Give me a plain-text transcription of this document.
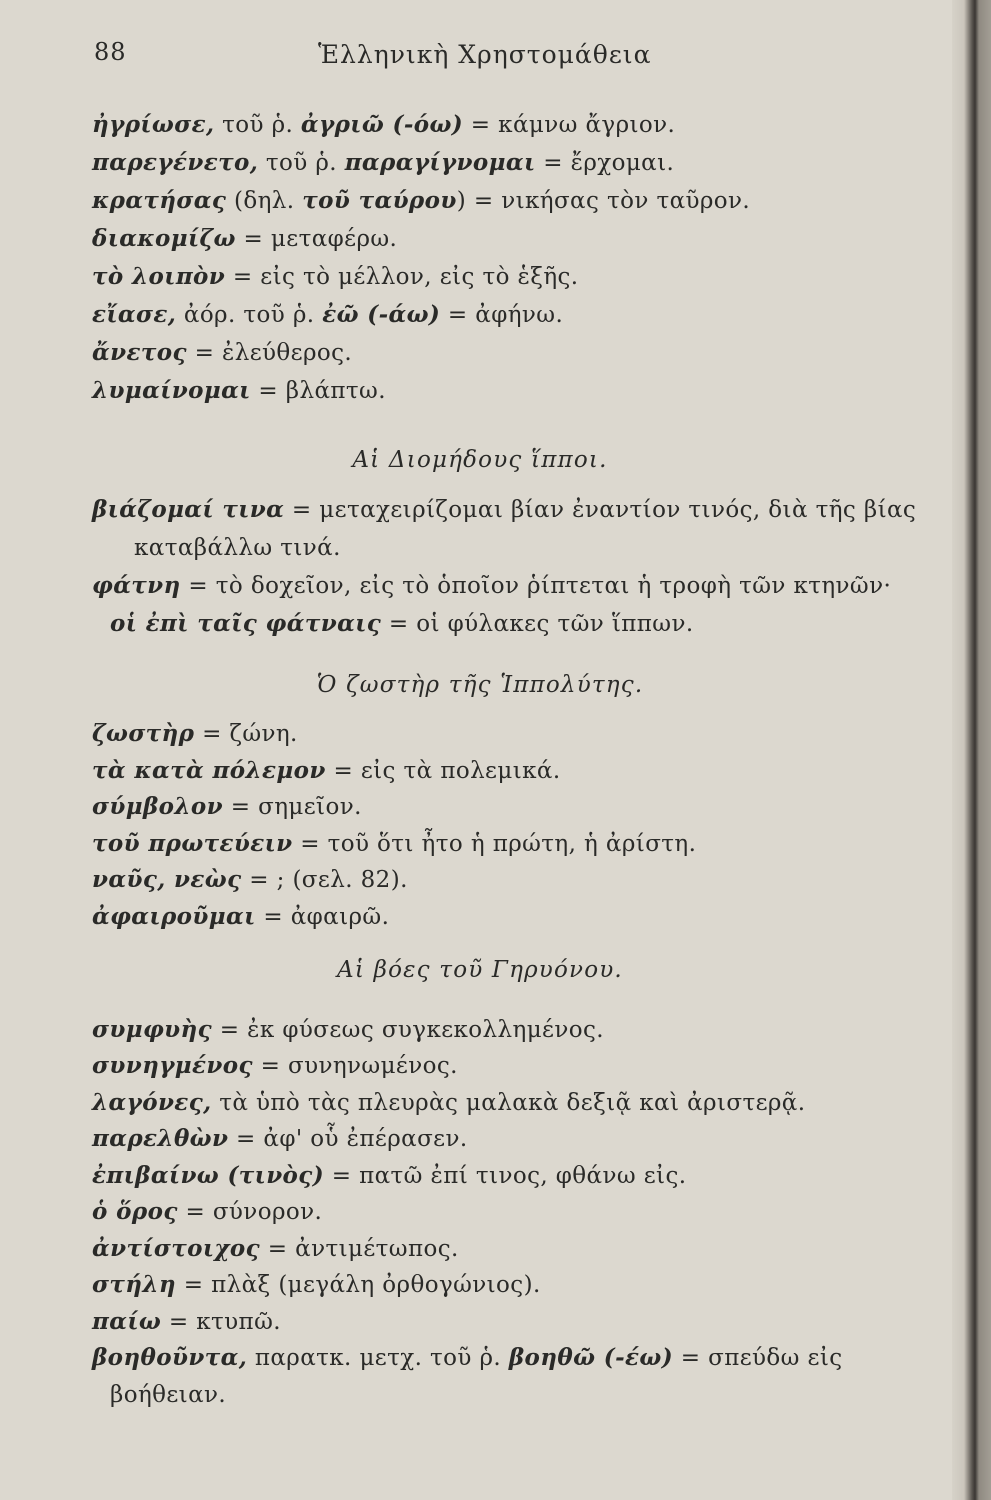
88	Ἑλληνικὴ Χρηστομάθεια
ἠγρίωσε, τοῦ ῥ. ἀγριῶ (-όω) = κάμνω ἄγριον.
παρεγένετο, τοῦ ῥ. παραγίγνομαι = ἔρχομαι.
κρατήσας (δηλ. τοῦ ταύρου) = νικήσας τὸν ταῦρον.
διακομίζω = μεταφέρω.
τὸ λοιπὸν = εἰς τὸ μέλλον, εἰς τὸ ἑξῆς.
εἴασε, ἀόρ. τοῦ ῥ. ἐῶ (-άω) = ἀφήνω.
ἄνετος = ἐλεύθερος.
λυμαίνομαι = βλάπτω.
Αἱ Διομήδους ἵπποι.
βιάζομαί τινα = μεταχειρίζομαι βίαν ἐναντίον τινός, διὰ τῆς βίας
καταβάλλω τινά.
φάτνη = τὸ δοχεῖον, εἰς τὸ ὁποῖον ῥίπτεται ἡ τροφὴ τῶν κτηνῶν·
οἱ ἐπὶ ταῖς φάτναις = οἱ φύλακες τῶν ἵππων.
Ὁ ζωστὴρ τῆς Ἱππολύτης.
ζωστὴρ = ζώνη.
τὰ κατὰ πόλεμον = εἰς τὰ πολεμικά.
σύμβολον = σημεῖον.
τοῦ πρωτεύειν = τοῦ ὅτι ἦτο ἡ πρώτη, ἡ ἀρίστη.
ναῦς, νεὼς = ; (σελ. 82).
ἀφαιροῦμαι = ἀφαιρῶ.
Αἱ βόες τοῦ Γηρυόνου.
συμφυὴς = ἐκ φύσεως συγκεκολλημένος.
συνηγμένος = συνηνωμένος.
λαγόνες, τὰ ὑπὸ τὰς πλευρὰς μαλακὰ δεξιᾷ καὶ ἀριστερᾷ.
παρελθὼν = ἀφ' οὗ ἐπέρασεν.
ἐπιβαίνω (τινὸς) = πατῶ ἐπί τινος, φθάνω εἰς.
ὁ ὅρος = σύνορον.
ἀντίστοιχος = ἀντιμέτωπος.
στήλη = πλὰξ (μεγάλη ὀρθογώνιος).
παίω = κτυπῶ.
βοηθοῦντα, παρατκ. μετχ. τοῦ ῥ. βοηθῶ (-έω) = σπεύδω εἰς
βοήθειαν.
